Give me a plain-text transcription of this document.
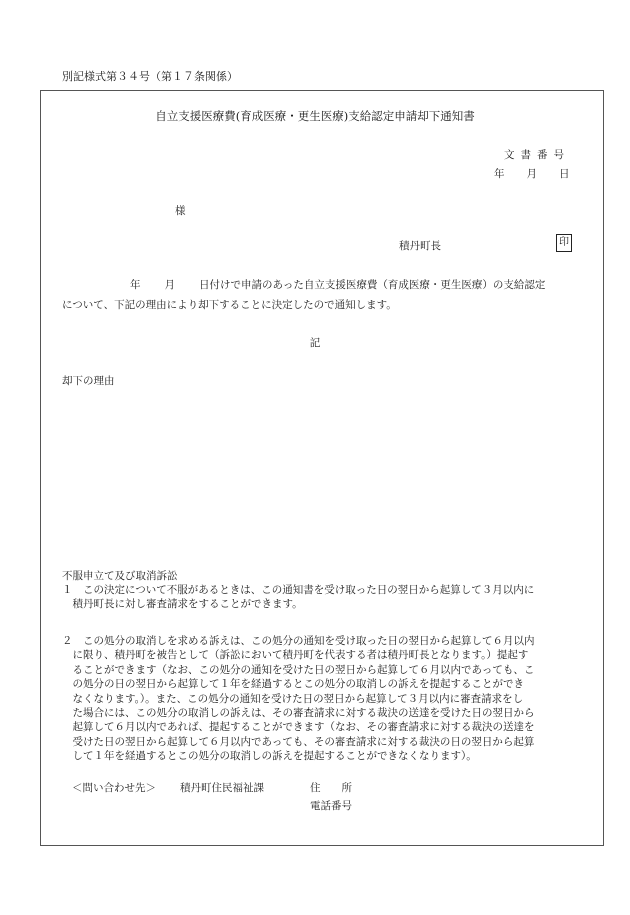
別記様式第３４号（第１７条関係）
自立支援医療費(育成医療・更生医療)支給認定申請却下通知書
文書番号
年 月 日
様
積丹町長	印
年 月 日付けで申請のあった自立支援医療費（育成医療・更生医療）の支給認定
について、下記の理由により却下することに決定したので通知します。
記
却下の理由
不服申立て及び取消訴訟
１　この決定について不服があるときは、この通知書を受け取った日の翌日から起算して３月以内に
　積丹町長に対し審査請求をすることができます。
２　この処分の取消しを求める訴えは、この処分の通知を受け取った日の翌日から起算して６月以内
　に限り、積丹町を被告として（訴訟において積丹町を代表する者は積丹町長となります。）提起す
　ることができます（なお、この処分の通知を受けた日の翌日から起算して６月以内であっても、こ
　の処分の日の翌日から起算して１年を経過するとこの処分の取消しの訴えを提起することができ
　なくなります。）。また、この処分の通知を受けた日の翌日から起算して３月以内に審査請求をし
　た場合には、この処分の取消しの訴えは、その審査請求に対する裁決の送達を受けた日の翌日から
　起算して６月以内であれば、提起することができます（なお、その審査請求に対する裁決の送達を
　受けた日の翌日から起算して６月以内であっても、その審査請求に対する裁決の日の翌日から起算
　して１年を経過するとこの処分の取消しの訴えを提起することができなくなります）。
＜問い合わせ先＞ 積丹町住民福祉課	住　　所
電話番号
